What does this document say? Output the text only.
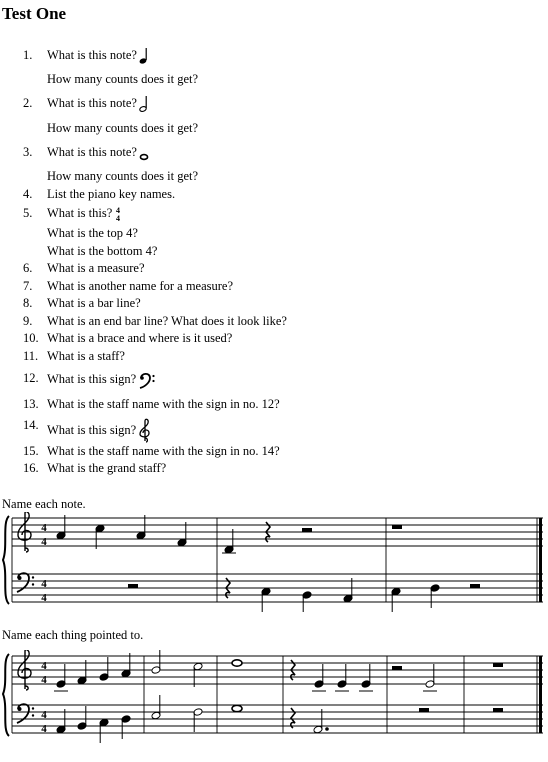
Test One
1. What is this note?
How many counts does it get?
2. What is this note?
How many counts does it get?
3. What is this note?
How many counts does it get?
4. List the piano key names.
5. What is this? 4
4
What is the top 4?
What is the bottom 4?
6. What is a measure?
7. What is another name for a measure?
8. What is a bar line?
9. What is an end bar line? What does it look like?
10. What is a brace and where is it used?
11. What is a staff?
12. What is this sign?
13. What is the staff name with the sign in no. 12?
14. What is this sign?
15. What is the staff name with the sign in no. 14?
16. What is the grand staff?
Name each note.
4
4
4
4
Name each thing pointed to.
4
4
4
4
